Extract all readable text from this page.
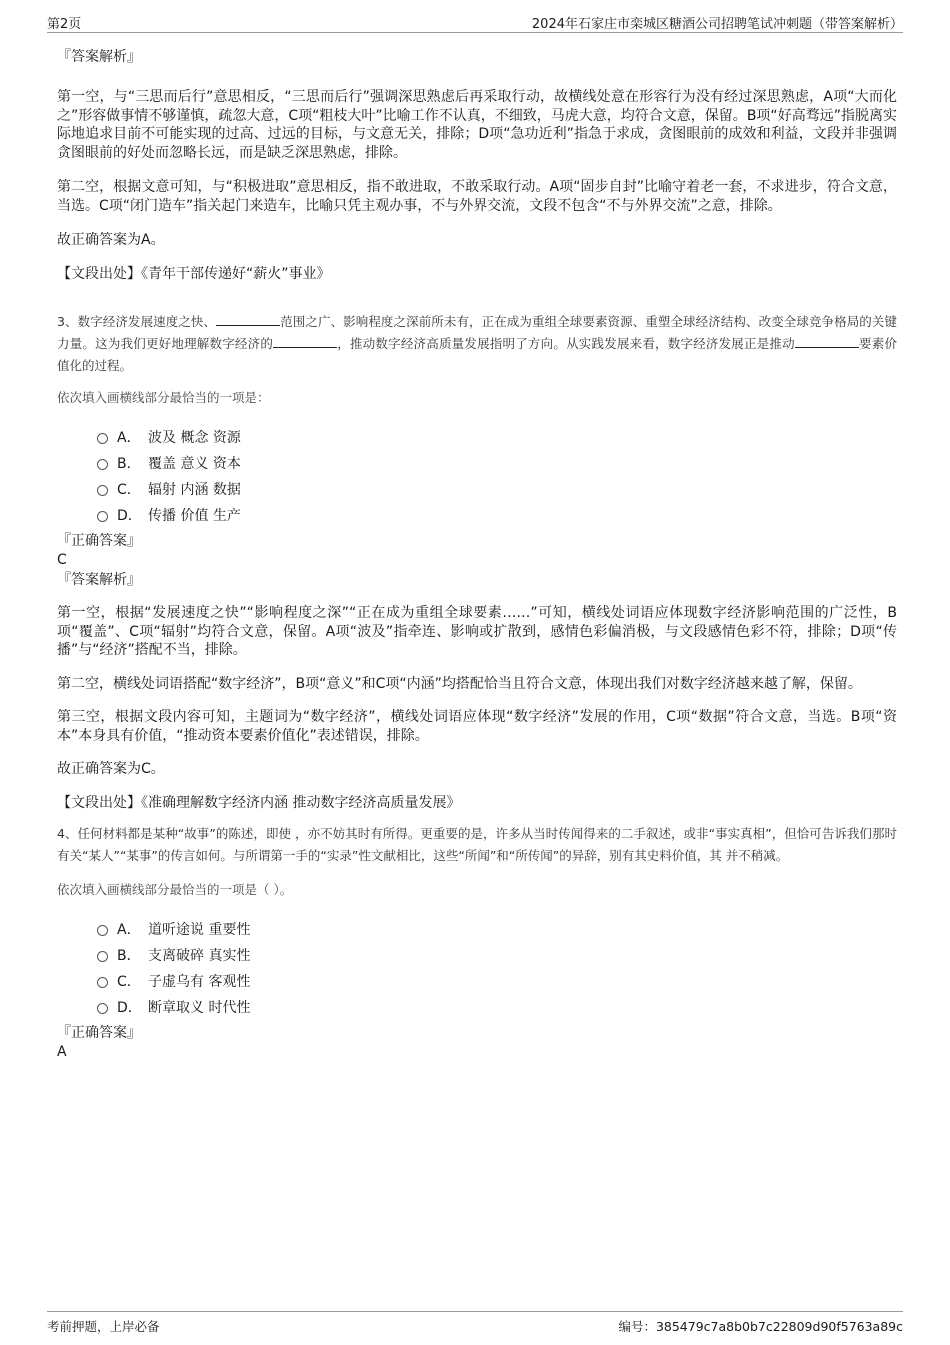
第2页	2024年石家庄市栾城区糖酒公司招聘笔试冲刺题（带答案解析）
『答案解析』

第一空，与“三思而后行”意思相反，“三思而后行”强调深思熟虑后再采取行动，故横线处意在形容行为没有经过深思熟虑，A项“大而化之”形容做事情不够谨慎，疏忽大意，C项“粗枝大叶”比喻工作不认真，不细致，马虎大意，均符合文意，保留。B项“好高骛远”指脱离实际地追求目前不可能实现的过高、过远的目标，与文意无关，排除；D项“急功近利”指急于求成，贪图眼前的成效和利益，文段并非强调贪图眼前的好处而忽略长远，而是缺乏深思熟虑，排除。

第二空，根据文意可知，与“积极进取”意思相反，指不敢进取，不敢采取行动。A项“固步自封”比喻守着老一套，不求进步，符合文意，当选。C项“闭门造车”指关起门来造车，比喻只凭主观办事，不与外界交流，文段不包含“不与外界交流”之意，排除。

故正确答案为A。
【文段出处】《青年干部传递好“薪火”事业》

3、数字经济发展速度之快、	范围之广、影响程度之深前所未有，正在成为重组全球要素资源、重塑全球经济结构、改变全球竞争格局的关键力量。这为我们更好地理解数字经济的	，推动数字经济高质量发展指明了方向。从实践发展来看，数字经济发展正是推动	要素价值化的过程。

依次填入画横线部分最恰当的一项是：
A． 波及 概念 资源
B． 覆盖 意义 资本
C． 辐射 内涵 数据
D． 传播 价值 生产
『正确答案』
C
『答案解析』

第一空，根据“发展速度之快”“影响程度之深”“正在成为重组全球要素……”可知，横线处词语应体现数字经济影响范围的广泛性，B项“覆盖”、C项“辐射”均符合文意，保留。A项“波及”指牵连、影响或扩散到，感情色彩偏消极，与文段感情色彩不符，排除；D项“传播”与“经济”搭配不当，排除。

第二空，横线处词语搭配“数字经济”，B项“意义”和C项“内涵”均搭配恰当且符合文意，体现出我们对数字经济越来越了解，保留。

第三空，根据文段内容可知，主题词为“数字经济”，横线处词语应体现“数字经济”发展的作用，C项“数据”符合文意，当选。B项“资本”本身具有价值，“推动资本要素价值化”表述错误，排除。

故正确答案为C。
【文段出处】《准确理解数字经济内涵 推动数字经济高质量发展》

4、任何材料都是某种“故事”的陈述，即使 ，亦不妨其时有所得。更重要的是，许多从当时传闻得来的二手叙述，或非“事实真相”，但恰可告诉我们那时有关“某人”“某事”的传言如何。与所谓第一手的“实录”性文献相比，这些“所闻”和“所传闻”的异辞，别有其史料价值，其 并不稍减。

依次填入画横线部分最恰当的一项是（ ）。
A． 道听途说 重要性
B． 支离破碎 真实性
C． 子虚乌有 客观性
D． 断章取义 时代性
『正确答案』
A
考前押题，上岸必备	编号：385479c7a8b0b7c22809d90f5763a89c
